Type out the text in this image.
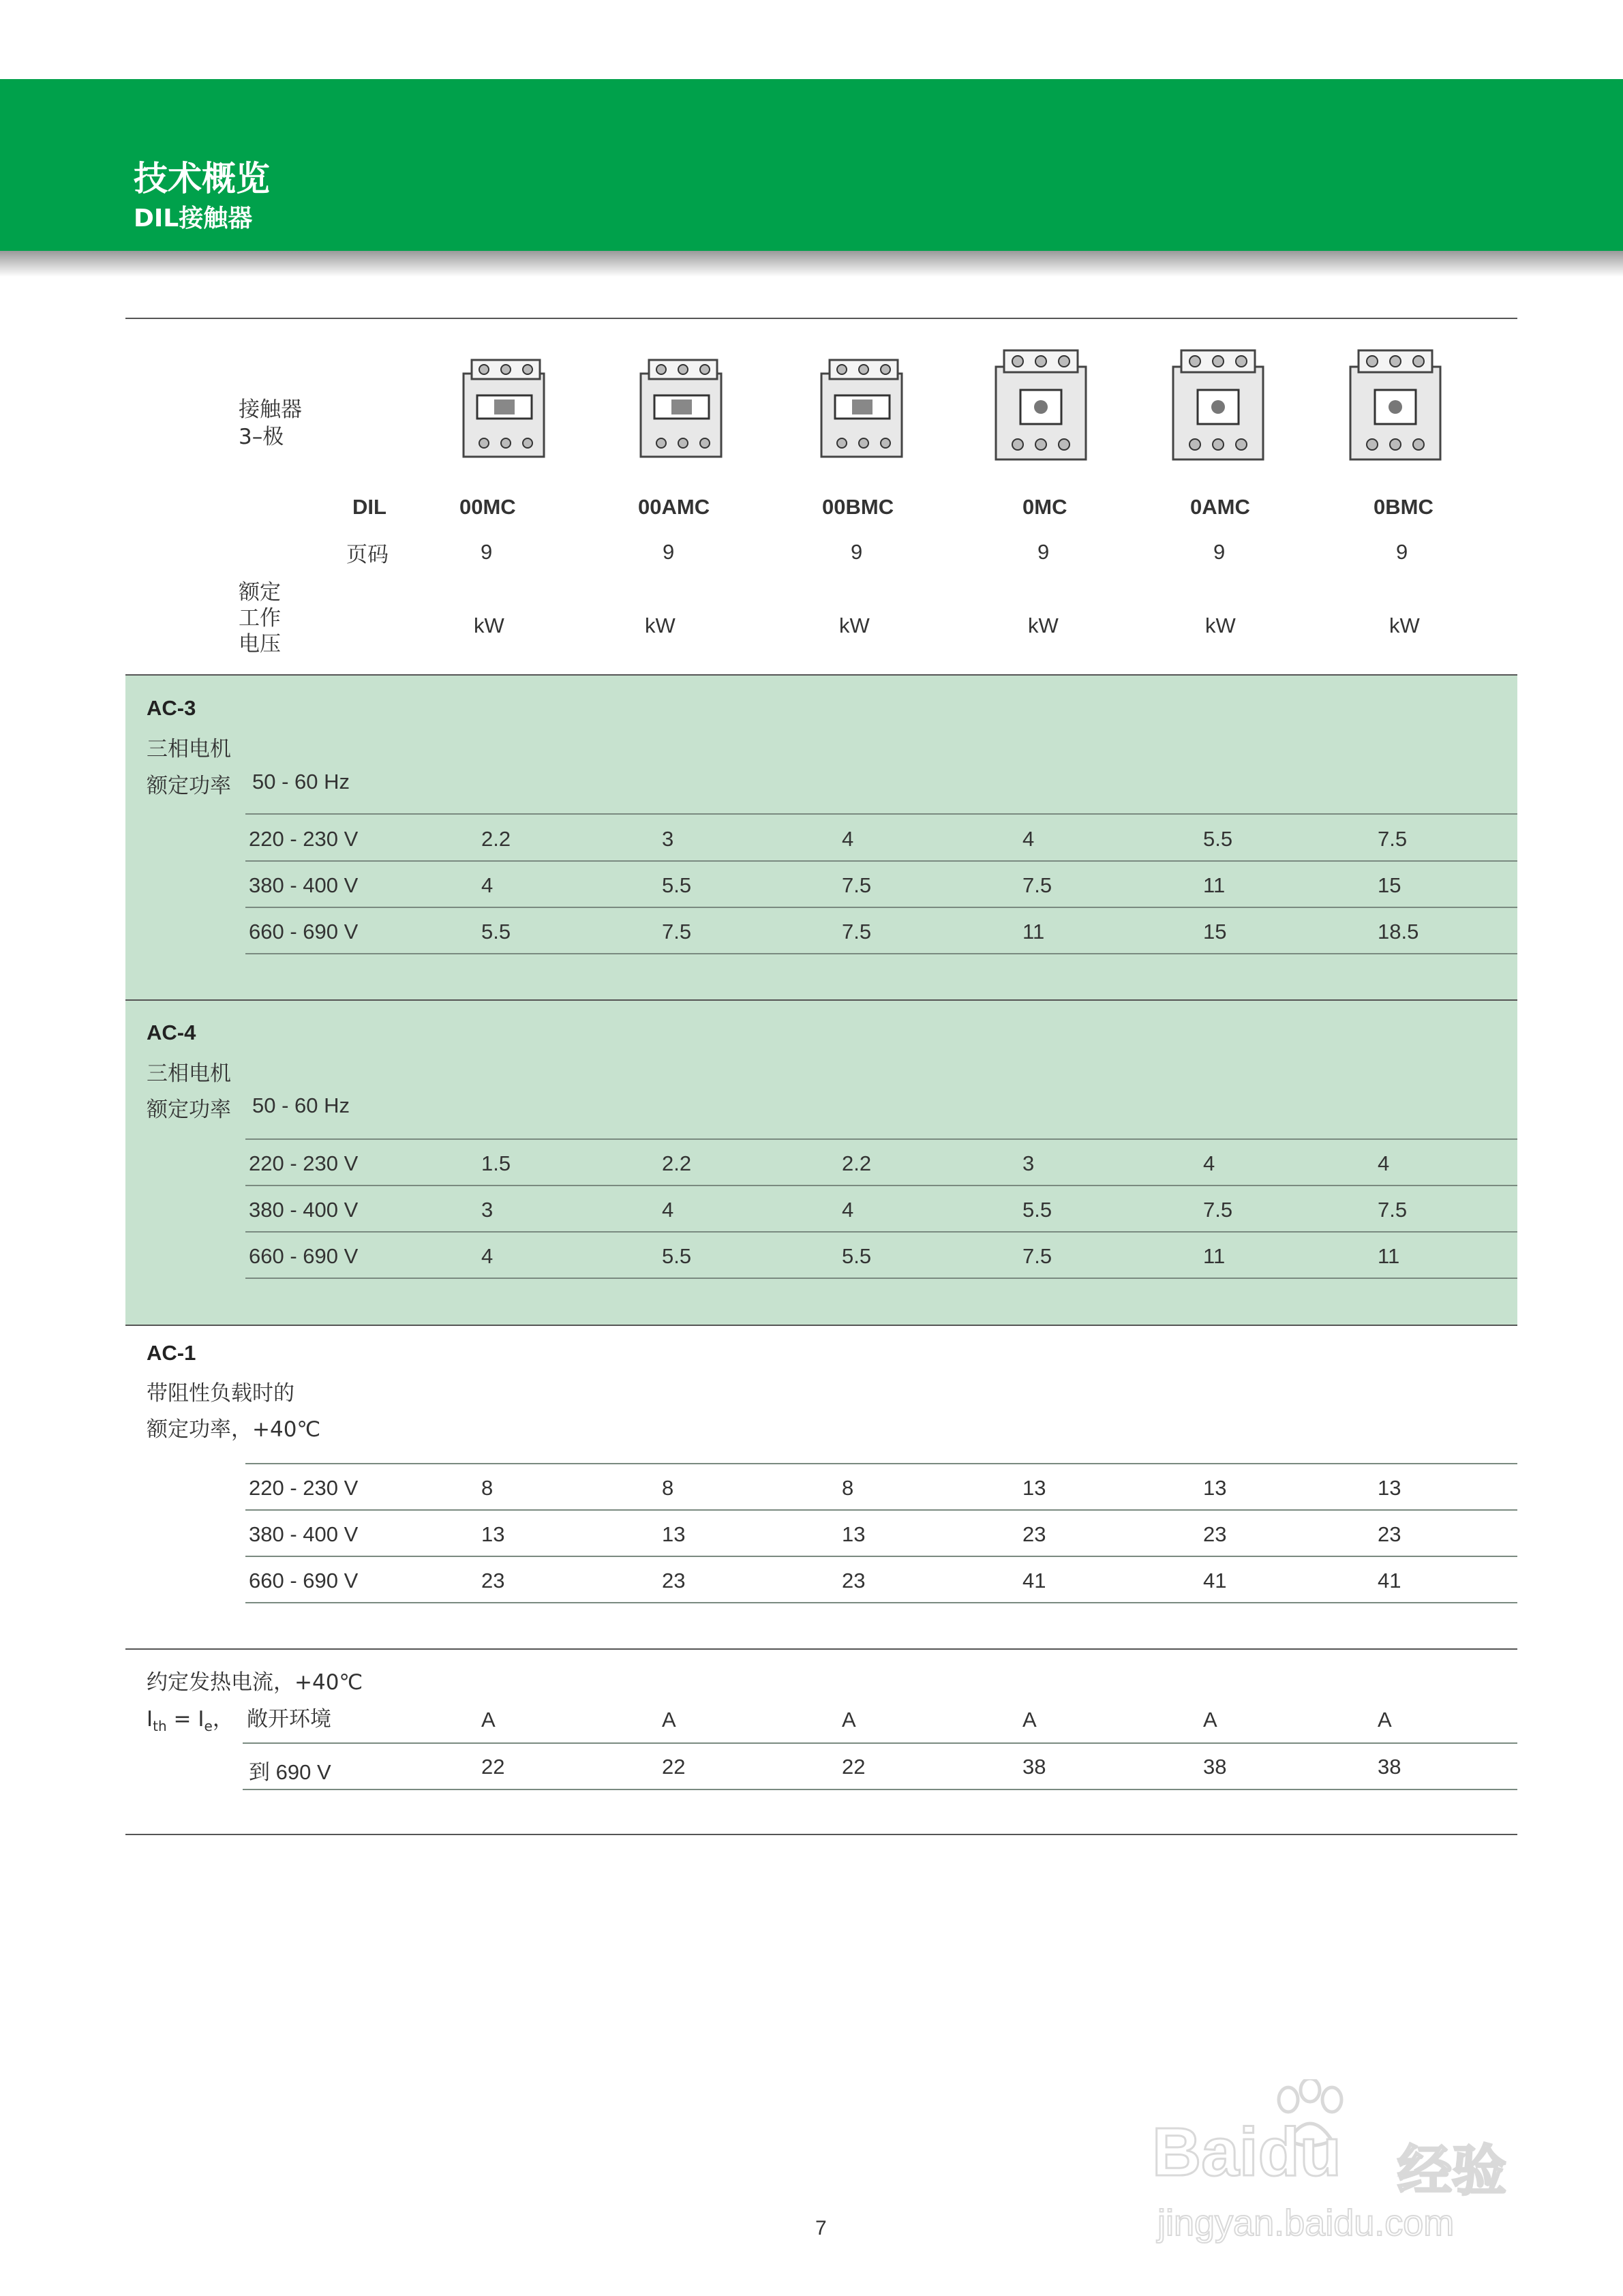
技术概览
DIL接触器
接触器
3–极
DIL	00MC	00AMC	00BMC	0MC	0AMC	0BMC
页码	9	9	9	9	9	9
额定
工作
电压
kW	kW	kW	kW	kW	kW
AC-3
三相电机
额定功率 50 - 60 Hz
220 - 230 V	2.2	3	4	4	5.5	7.5
380 - 400 V	4	5.5	7.5	7.5	11	15
660 - 690 V	5.5	7.5	7.5	11	15	18.5
AC-4
三相电机
额定功率 50 - 60 Hz
220 - 230 V	1.5	2.2	2.2	3	4	4
380 - 400 V	3	4	4	5.5	7.5	7.5
660 - 690 V	4	5.5	5.5	7.5	11	11
AC-1
带阻性负载时的
额定功率，+40℃
220 - 230 V	8	8	8	13	13	13
380 - 400 V	13	13	13	23	23	23
660 - 690 V	23	23	23	41	41	41
约定发热电流，+40℃
$I_{th} = I_e$， 敞开环境	A	A	A	A	A	A
到 690 V	22	22	22	38	38	38
7
Baidu 经验
jingyan.baidu.com
